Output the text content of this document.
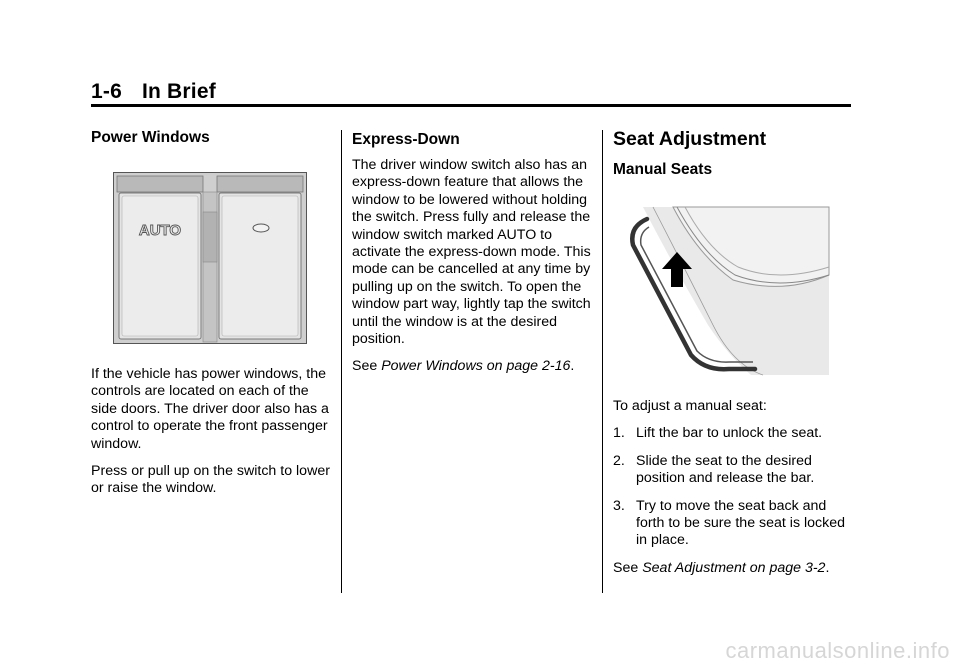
1-6 In Brief
Power Windows
AUTO

If the vehicle has power windows, the controls are located on each of the side doors. The driver door also has a control to operate the front passenger window.

Press or pull up on the switch to lower or raise the window.

Express-Down

The driver window switch also has an express-down feature that allows the window to be lowered without holding the switch. Press fully and release the window switch marked AUTO to activate the express-down mode. This mode can be cancelled at any time by pulling up on the switch. To open the window part way, lightly tap the switch until the window is at the desired position.

See Power Windows on page 2-16.

Seat Adjustment
Manual Seats

To adjust a manual seat:

1. Lift the bar to unlock the seat.
2. Slide the seat to the desired position and release the bar.
3. Try to move the seat back and forth to be sure the seat is locked in place.

See Seat Adjustment on page 3-2.

carmanualsonline.info
